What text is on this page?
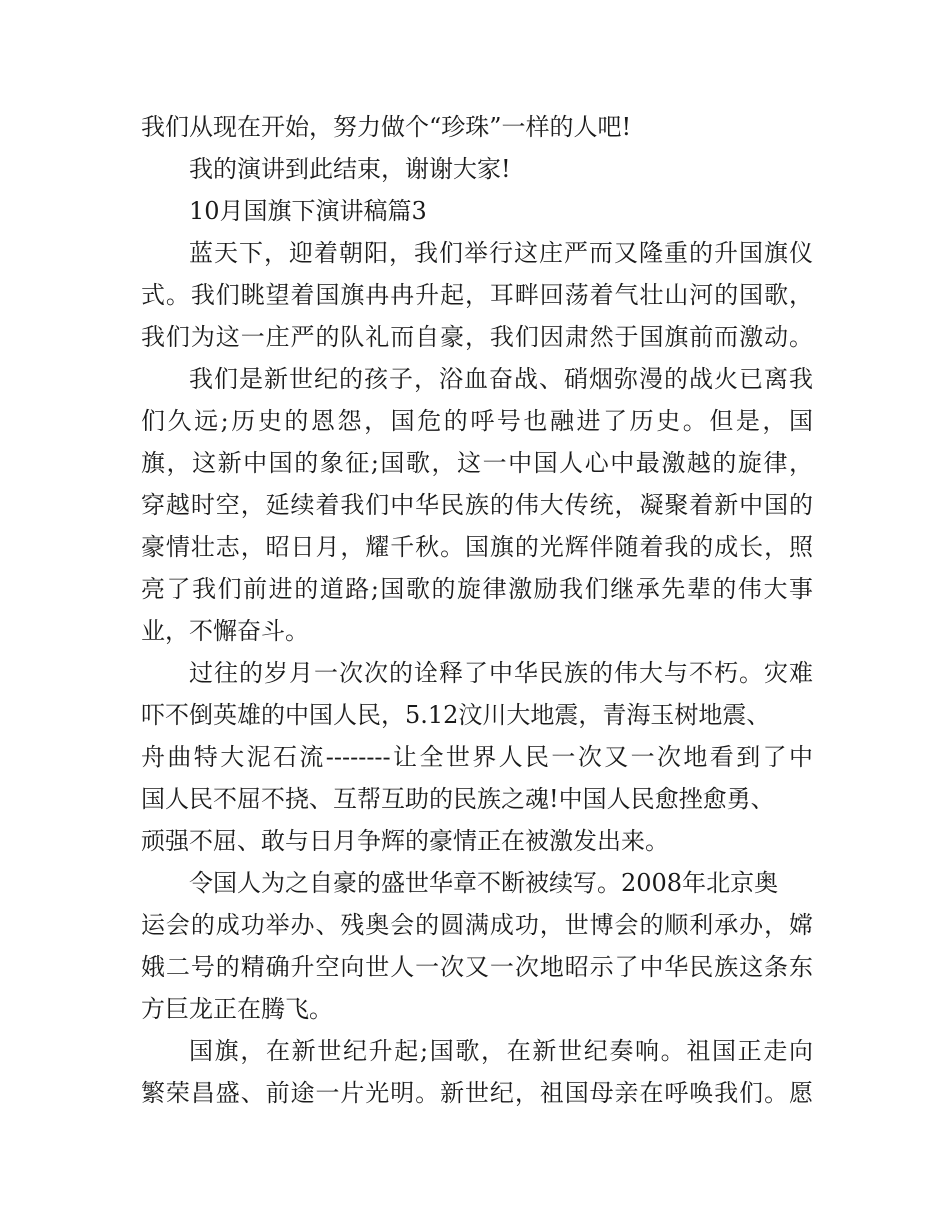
我们从现在开始，努力做个“珍珠”一样的人吧!
我的演讲到此结束，谢谢大家!
10月国旗下演讲稿篇3
蓝天下，迎着朝阳，我们举行这庄严而又隆重的升国旗仪
式。我们眺望着国旗冉冉升起，耳畔回荡着气壮山河的国歌，
我们为这一庄严的队礼而自豪，我们因肃然于国旗前而激动。
我们是新世纪的孩子，浴血奋战、硝烟弥漫的战火已离我
们久远;历史的恩怨，国危的呼号也融进了历史。但是，国
旗，这新中国的象征;国歌，这一中国人心中最激越的旋律，
穿越时空，延续着我们中华民族的伟大传统，凝聚着新中国的
豪情壮志，昭日月，耀千秋。国旗的光辉伴随着我的成长，照
亮了我们前进的道路;国歌的旋律激励我们继承先辈的伟大事
业，不懈奋斗。
过往的岁月一次次的诠释了中华民族的伟大与不朽。灾难
吓不倒英雄的中国人民，5.12汶川大地震，青海玉树地震、
舟曲特大泥石流--------让全世界人民一次又一次地看到了中
国人民不屈不挠、互帮互助的民族之魂!中国人民愈挫愈勇、
顽强不屈、敢与日月争辉的豪情正在被激发出来。
令国人为之自豪的盛世华章不断被续写。2008年北京奥
运会的成功举办、残奥会的圆满成功，世博会的顺利承办，嫦
娥二号的精确升空向世人一次又一次地昭示了中华民族这条东
方巨龙正在腾飞。
国旗，在新世纪升起;国歌，在新世纪奏响。祖国正走向
繁荣昌盛、前途一片光明。新世纪，祖国母亲在呼唤我们。愿
